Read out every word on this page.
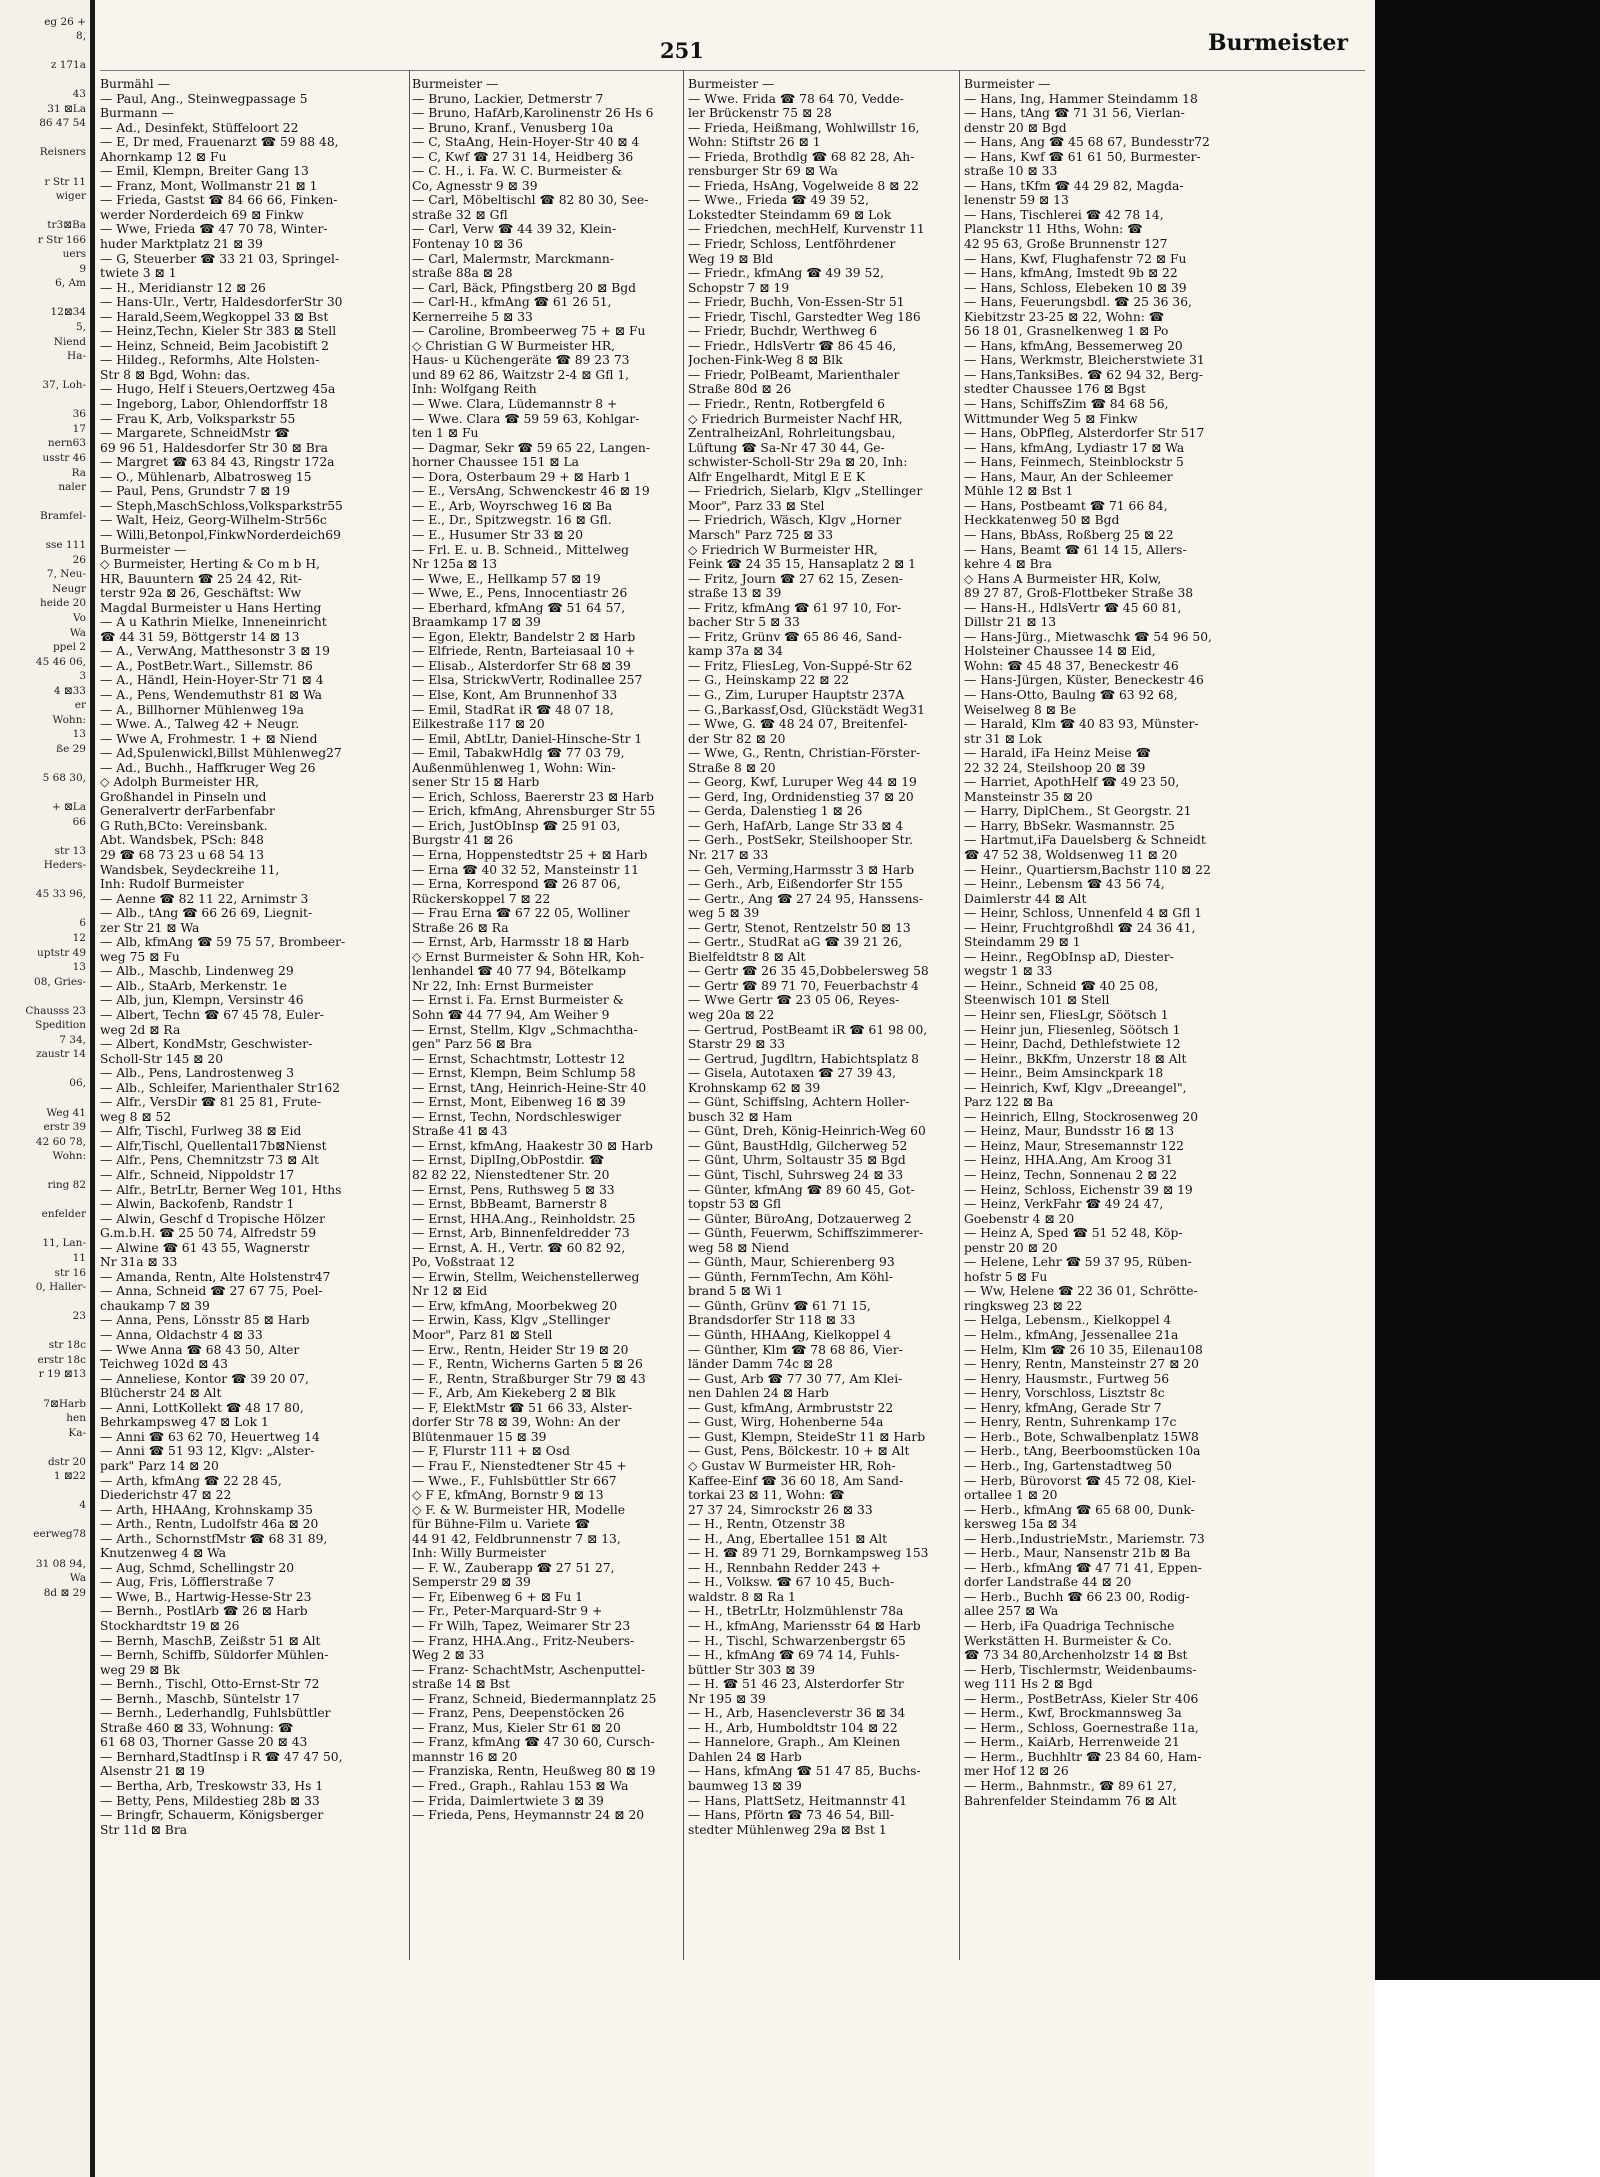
eg 26 +
8,
z 171a
43
31 ⊠La
86 47 54
Reisners
r Str 11
wiger
tr3⊠Ba
r Str 166
uers
9
6, Am
12⊠34
5,
Niend
Ha-
37, Loh-
36
17
nern63
usstr 46
Ra
naler
Bramfel-
sse 111
26
7, Neu-
Neugr
heide 20
Vo
Wa
ppel 2
45 46 06,
3
4 ⊠33
er
Wohn:
13
ße 29
5 68 30,
+ ⊠La
66
str 13
Heders-
45 33 96,
6
12
uptstr 49
13
08, Gries-
Chausss 23
Spedition
7 34,
zaustr 14
06,
Weg 41
erstr 39
42 60 78,
Wohn:
ring 82
enfelder
11, Lan-
11
str 16
0, Haller-
23
str 18c
erstr 18c
r 19 ⊠13
7⊠Harb
hen
Ka-
dstr 20
1 ⊠22
4
eerweg78
31 08 94,
Wa
8d ⊠ 29
251	Burmeister
Burmähl —
— Paul, Ang., Steinwegpassage 5
Burmann —
— Ad., Desinfekt, Stüffeloort 22
— E, Dr med, Frauenarzt ☎ 59 88 48,
Ahornkamp 12 ⊠ Fu
— Emil, Klempn, Breiter Gang 13
— Franz, Mont, Wollmanstr 21 ⊠ 1
— Frieda, Gastst ☎ 84 66 66, Finken-
werder Norderdeich 69 ⊠ Finkw
— Wwe, Frieda ☎ 47 70 78, Winter-
huder Marktplatz 21 ⊠ 39
— G, Steuerber ☎ 33 21 03, Springel-
twiete 3 ⊠ 1
— H., Meridianstr 12 ⊠ 26
— Hans-Ulr., Vertr, HaldesdorferStr 30
— Harald,Seem,Wegkoppel 33 ⊠ Bst
— Heinz,Techn, Kieler Str 383 ⊠ Stell
— Heinz, Schneid, Beim Jacobistift 2
— Hildeg., Reformhs, Alte Holsten-
Str 8 ⊠ Bgd, Wohn: das.
— Hugo, Helf i Steuers,Oertzweg 45a
— Ingeborg, Labor, Ohlendorffstr 18
— Frau K, Arb, Volksparkstr 55
— Margarete, SchneidMstr ☎
69 96 51, Haldesdorfer Str 30 ⊠ Bra
— Margret ☎ 63 84 43, Ringstr 172a
— O., Mühlenarb, Albatrosweg 15
— Paul, Pens, Grundstr 7 ⊠ 19
— Steph,MaschSchloss,Volksparkstr55
— Walt, Heiz, Georg-Wilhelm-Str56c
— Willi,Betonpol,FinkwNorderdeich69
Burmeister —
◇ Burmeister, Herting & Co m b H,
HR, Bauuntern ☎ 25 24 42, Rit-
terstr 92a ⊠ 26, Geschäftst: Ww
Magdal Burmeister u Hans Herting
— A u Kathrin Mielke, Inneneinricht
☎ 44 31 59, Böttgerstr 14 ⊠ 13
— A., VerwAng, Matthesonstr 3 ⊠ 19
— A., PostBetr.Wart., Sillemstr. 86
— A., Händl, Hein-Hoyer-Str 71 ⊠ 4
— A., Pens, Wendemuthstr 81 ⊠ Wa
— A., Billhorner Mühlenweg 19a
— Wwe. A., Talweg 42 + Neugr.
— Wwe A, Frohmestr. 1 + ⊠ Niend
— Ad,Spulenwickl,Billst Mühlenweg27
— Ad., Buchh., Haffkruger Weg 26
◇ Adolph Burmeister HR,
Großhandel in Pinseln und
Generalvertr derFarbenfabr
G Ruth,BCto: Vereinsbank.
Abt. Wandsbek, PSch: 848
29 ☎ 68 73 23 u 68 54 13
Wandsbek, Seydeckreihe 11,
Inh: Rudolf Burmeister
— Aenne ☎ 82 11 22, Arnimstr 3
— Alb., tAng ☎ 66 26 69, Liegnit-
zer Str 21 ⊠ Wa
— Alb, kfmAng ☎ 59 75 57, Brombeer-
weg 75 ⊠ Fu
— Alb., Maschb, Lindenweg 29
— Alb., StaArb, Merkenstr. 1e
— Alb, jun, Klempn, Versinstr 46
— Albert, Techn ☎ 67 45 78, Euler-
weg 2d ⊠ Ra
— Albert, KondMstr, Geschwister-
Scholl-Str 145 ⊠ 20
— Alb., Pens, Landrostenweg 3
— Alb., Schleifer, Marienthaler Str162
— Alfr., VersDir ☎ 81 25 81, Frute-
weg 8 ⊠ 52
— Alfr, Tischl, Furlweg 38 ⊠ Eid
— Alfr,Tischl, Quellental17b⊠Nienst
— Alfr., Pens, Chemnitzstr 73 ⊠ Alt
— Alfr., Schneid, Nippoldstr 17
— Alfr., BetrLtr, Berner Weg 101, Hths
— Alwin, Backofenb, Randstr 1
— Alwin, Geschf d Tropische Hölzer
G.m.b.H. ☎ 25 50 74, Alfredstr 59
— Alwine ☎ 61 43 55, Wagnerstr
Nr 31a ⊠ 33
— Amanda, Rentn, Alte Holstenstr47
— Anna, Schneid ☎ 27 67 75, Poel-
chaukamp 7 ⊠ 39
— Anna, Pens, Lönsstr 85 ⊠ Harb
— Anna, Oldachstr 4 ⊠ 33
— Wwe Anna ☎ 68 43 50, Alter
Teichweg 102d ⊠ 43
— Anneliese, Kontor ☎ 39 20 07,
Blücherstr 24 ⊠ Alt
— Anni, LottKollekt ☎ 48 17 80,
Behrkampsweg 47 ⊠ Lok 1
— Anni ☎ 63 62 70, Heuertweg 14
— Anni ☎ 51 93 12, Klgv: „Alster-
park" Parz 14 ⊠ 20
— Arth, kfmAng ☎ 22 28 45,
Diederichstr 47 ⊠ 22
— Arth, HHAAng, Krohnskamp 35
— Arth., Rentn, Ludolfstr 46a ⊠ 20
— Arth., SchornstfMstr ☎ 68 31 89,
Knutzenweg 4 ⊠ Wa
— Aug, Schmd, Schellingstr 20
— Aug, Fris, Löfflerstraße 7
— Wwe, B., Hartwig-Hesse-Str 23
— Bernh., PostlArb ☎ 26 ⊠ Harb
Stockhardtstr 19 ⊠ 26
— Bernh, MaschB, Zeißstr 51 ⊠ Alt
— Bernh, Schiffb, Süldorfer Mühlen-
weg 29 ⊠ Bk
— Bernh., Tischl, Otto-Ernst-Str 72
— Bernh., Maschb, Süntelstr 17
— Bernh., Lederhandlg, Fuhlsbüttler
Straße 460 ⊠ 33, Wohnung: ☎
61 68 03, Thorner Gasse 20 ⊠ 43
— Bernhard,StadtInsp i R ☎ 47 47 50,
Alsenstr 21 ⊠ 19
— Bertha, Arb, Treskowstr 33, Hs 1
— Betty, Pens, Mildestieg 28b ⊠ 33
— Bringfr, Schauerm, Königsberger
Str 11d ⊠ Bra
Burmeister —
— Bruno, Lackier, Detmerstr 7
— Bruno, HafArb,Karolinenstr 26 Hs 6
— Bruno, Kranf., Venusberg 10a
— C, StaAng, Hein-Hoyer-Str 40 ⊠ 4
— C, Kwf ☎ 27 31 14, Heidberg 36
— C. H., i. Fa. W. C. Burmeister &
Co, Agnesstr 9 ⊠ 39
— Carl, Möbeltischl ☎ 82 80 30, See-
straße 32 ⊠ Gfl
— Carl, Verw ☎ 44 39 32, Klein-
Fontenay 10 ⊠ 36
— Carl, Malermstr, Marckmann-
straße 88a ⊠ 28
— Carl, Bäck, Pfingstberg 20 ⊠ Bgd
— Carl-H., kfmAng ☎ 61 26 51,
Kernerreihe 5 ⊠ 33
— Caroline, Brombeerweg 75 + ⊠ Fu
◇ Christian G W Burmeister HR,
Haus- u Küchengeräte ☎ 89 23 73
und 89 62 86, Waitzstr 2-4 ⊠ Gfl 1,
Inh: Wolfgang Reith
— Wwe. Clara, Lüdemannstr 8 +
— Wwe. Clara ☎ 59 59 63, Kohlgar-
ten 1 ⊠ Fu
— Dagmar, Sekr ☎ 59 65 22, Langen-
horner Chaussee 151 ⊠ La
— Dora, Osterbaum 29 + ⊠ Harb 1
— E., VersAng, Schwenckestr 46 ⊠ 19
— E., Arb, Woyrschweg 16 ⊠ Ba
— E., Dr., Spitzwegstr. 16 ⊠ Gfl.
— E., Husumer Str 33 ⊠ 20
— Frl. E. u. B. Schneid., Mittelweg
Nr 125a ⊠ 13
— Wwe, E., Hellkamp 57 ⊠ 19
— Wwe, E., Pens, Innocentiastr 26
— Eberhard, kfmAng ☎ 51 64 57,
Braamkamp 17 ⊠ 39
— Egon, Elektr, Bandelstr 2 ⊠ Harb
— Elfriede, Rentn, Barteiasaal 10 +
— Elisab., Alsterdorfer Str 68 ⊠ 39
— Elsa, StrickwVertr, Rodinallee 257
— Else, Kont, Am Brunnenhof 33
— Emil, StadRat iR ☎ 48 07 18,
Eilkestraße 117 ⊠ 20
— Emil, AbtLtr, Daniel-Hinsche-Str 1
— Emil, TabakwHdlg ☎ 77 03 79,
Außenmühlenweg 1, Wohn: Win-
sener Str 15 ⊠ Harb
— Erich, Schloss, Baererstr 23 ⊠ Harb
— Erich, kfmAng, Ahrensburger Str 55
— Erich, JustObInsp ☎ 25 91 03,
Burgstr 41 ⊠ 26
— Erna, Hoppenstedtstr 25 + ⊠ Harb
— Erna ☎ 40 32 52, Mansteinstr 11
— Erna, Korrespond ☎ 26 87 06,
Rückerskoppel 7 ⊠ 22
— Frau Erna ☎ 67 22 05, Wolliner
Straße 26 ⊠ Ra
— Ernst, Arb, Harmsstr 18 ⊠ Harb
◇ Ernst Burmeister & Sohn HR, Koh-
lenhandel ☎ 40 77 94, Bötelkamp
Nr 22, Inh: Ernst Burmeister
— Ernst i. Fa. Ernst Burmeister &
Sohn ☎ 44 77 94, Am Weiher 9
— Ernst, Stellm, Klgv „Schmachtha-
gen" Parz 56 ⊠ Bra
— Ernst, Schachtmstr, Lottestr 12
— Ernst, Klempn, Beim Schlump 58
— Ernst, tAng, Heinrich-Heine-Str 40
— Ernst, Mont, Eibenweg 16 ⊠ 39
— Ernst, Techn, Nordschleswiger
Straße 41 ⊠ 43
— Ernst, kfmAng, Haakestr 30 ⊠ Harb
— Ernst, DiplIng,ObPostdir. ☎
82 82 22, Nienstedtener Str. 20
— Ernst, Pens, Ruthsweg 5 ⊠ 33
— Ernst, BbBeamt, Barnerstr 8
— Ernst, HHA.Ang., Reinholdstr. 25
— Ernst, Arb, Binnenfeldredder 73
— Ernst, A. H., Vertr. ☎ 60 82 92,
Po, Voßstraat 12
— Erwin, Stellm, Weichenstellerweg
Nr 12 ⊠ Eid
— Erw, kfmAng, Moorbekweg 20
— Erwin, Kass, Klgv „Stellinger
Moor", Parz 81 ⊠ Stell
— Erw., Rentn, Heider Str 19 ⊠ 20
— F., Rentn, Wicherns Garten 5 ⊠ 26
— F., Rentn, Straßburger Str 79 ⊠ 43
— F., Arb, Am Kiekeberg 2 ⊠ Blk
— F, ElektMstr ☎ 51 66 33, Alster-
dorfer Str 78 ⊠ 39, Wohn: An der
Blütenmauer 15 ⊠ 39
— F, Flurstr 111 + ⊠ Osd
— Frau F., Nienstedtener Str 45 +
— Wwe., F., Fuhlsbüttler Str 667
◇ F E, kfmAng, Bornstr 9 ⊠ 13
◇ F. & W. Burmeister HR, Modelle
für Bühne-Film u. Variete ☎
44 91 42, Feldbrunnenstr 7 ⊠ 13,
Inh: Willy Burmeister
— F. W., Zauberapp ☎ 27 51 27,
Semperstr 29 ⊠ 39
— Fr, Eibenweg 6 + ⊠ Fu 1
— Fr., Peter-Marquard-Str 9 +
— Fr Wilh, Tapez, Weimarer Str 23
— Franz, HHA.Ang., Fritz-Neubers-
Weg 2 ⊠ 33
— Franz- SchachtMstr, Aschenputtel-
straße 14 ⊠ Bst
— Franz, Schneid, Biedermannplatz 25
— Franz, Pens, Deepenstöcken 26
— Franz, Mus, Kieler Str 61 ⊠ 20
— Franz, kfmAng ☎ 47 30 60, Cursch-
mannstr 16 ⊠ 20
— Franziska, Rentn, Heußweg 80 ⊠ 19
— Fred., Graph., Rahlau 153 ⊠ Wa
— Frida, Daimlertwiete 3 ⊠ 39
— Frieda, Pens, Heymannstr 24 ⊠ 20
Burmeister —
— Wwe. Frida ☎ 78 64 70, Vedde-
ler Brückenstr 75 ⊠ 28
— Frieda, Heißmang, Wohlwillstr 16,
Wohn: Stiftstr 26 ⊠ 1
— Frieda, Brothdlg ☎ 68 82 28, Ah-
rensburger Str 69 ⊠ Wa
— Frieda, HsAng, Vogelweide 8 ⊠ 22
— Wwe., Frieda ☎ 49 39 52,
Lokstedter Steindamm 69 ⊠ Lok
— Friedchen, mechHelf, Kurvenstr 11
— Friedr, Schloss, Lentföhrdener
Weg 19 ⊠ Bld
— Friedr., kfmAng ☎ 49 39 52,
Schopstr 7 ⊠ 19
— Friedr, Buchh, Von-Essen-Str 51
— Friedr, Tischl, Garstedter Weg 186
— Friedr, Buchdr, Werthweg 6
— Friedr., HdlsVertr ☎ 86 45 46,
Jochen-Fink-Weg 8 ⊠ Blk
— Friedr, PolBeamt, Marienthaler
Straße 80d ⊠ 26
— Friedr., Rentn, Rotbergfeld 6
◇ Friedrich Burmeister Nachf HR,
ZentralheizAnl, Rohrleitungsbau,
Lüftung ☎ Sa-Nr 47 30 44, Ge-
schwister-Scholl-Str 29a ⊠ 20, Inh:
Alfr Engelhardt, Mitgl E E K
— Friedrich, Sielarb, Klgv „Stellinger
Moor", Parz 33 ⊠ Stel
— Friedrich, Wäsch, Klgv „Horner
Marsch" Parz 725 ⊠ 33
◇ Friedrich W Burmeister HR,
Feink ☎ 24 35 15, Hansaplatz 2 ⊠ 1
— Fritz, Journ ☎ 27 62 15, Zesen-
straße 13 ⊠ 39
— Fritz, kfmAng ☎ 61 97 10, For-
bacher Str 5 ⊠ 33
— Fritz, Grünv ☎ 65 86 46, Sand-
kamp 37a ⊠ 34
— Fritz, FliesLeg, Von-Suppé-Str 62
— G., Heinskamp 22 ⊠ 22
— G., Zim, Luruper Hauptstr 237A
— G.,Barkassf,Osd, Glückstädt Weg31
— Wwe, G. ☎ 48 24 07, Breitenfel-
der Str 82 ⊠ 20
— Wwe, G., Rentn, Christian-Förster-
Straße 8 ⊠ 20
— Georg, Kwf, Luruper Weg 44 ⊠ 19
— Gerd, Ing, Ordnidenstieg 37 ⊠ 20
— Gerda, Dalenstieg 1 ⊠ 26
— Gerh, HafArb, Lange Str 33 ⊠ 4
— Gerh., PostSekr, Steilshooper Str.
Nr. 217 ⊠ 33
— Geh, Verming,Harmsstr 3 ⊠ Harb
— Gerh., Arb, Eißendorfer Str 155
— Gertr., Ang ☎ 27 24 95, Hanssens-
weg 5 ⊠ 39
— Gertr, Stenot, Rentzelstr 50 ⊠ 13
— Gertr., StudRat aG ☎ 39 21 26,
Bielfeldtstr 8 ⊠ Alt
— Gertr ☎ 26 35 45,Dobbelersweg 58
— Gertr ☎ 89 71 70, Feuerbachstr 4
— Wwe Gertr ☎ 23 05 06, Reyes-
weg 20a ⊠ 22
— Gertrud, PostBeamt iR ☎ 61 98 00,
Starstr 29 ⊠ 33
— Gertrud, Jugdltrn, Habichtsplatz 8
— Gisela, Autotaxen ☎ 27 39 43,
Krohnskamp 62 ⊠ 39
— Günt, Schiffslng, Achtern Holler-
busch 32 ⊠ Ham
— Günt, Dreh, König-Heinrich-Weg 60
— Günt, BaustHdlg, Gilcherweg 52
— Günt, Uhrm, Soltaustr 35 ⊠ Bgd
— Günt, Tischl, Suhrsweg 24 ⊠ 33
— Günter, kfmAng ☎ 89 60 45, Got-
topstr 53 ⊠ Gfl
— Günter, BüroAng, Dotzauerweg 2
— Günth, Feuerwm, Schiffszimmerer-
weg 58 ⊠ Niend
— Günth, Maur, Schierenberg 93
— Günth, FernmTechn, Am Köhl-
brand 5 ⊠ Wi 1
— Günth, Grünv ☎ 61 71 15,
Brandsdorfer Str 118 ⊠ 33
— Günth, HHAAng, Kielkoppel 4
— Günther, Klm ☎ 78 68 86, Vier-
länder Damm 74c ⊠ 28
— Gust, Arb ☎ 77 30 77, Am Klei-
nen Dahlen 24 ⊠ Harb
— Gust, kfmAng, Armbruststr 22
— Gust, Wirg, Hohenberne 54a
— Gust, Klempn, SteideStr 11 ⊠ Harb
— Gust, Pens, Bölckestr. 10 + ⊠ Alt
◇ Gustav W Burmeister HR, Roh-
Kaffee-Einf ☎ 36 60 18, Am Sand-
torkai 23 ⊠ 11, Wohn: ☎
27 37 24, Simrockstr 26 ⊠ 33
— H., Rentn, Otzenstr 38
— H., Ang, Ebertallee 151 ⊠ Alt
— H. ☎ 89 71 29, Bornkampsweg 153
— H., Rennbahn Redder 243 +
— H., Volksw. ☎ 67 10 45, Buch-
waldstr. 8 ⊠ Ra 1
— H., tBetrLtr, Holzmühlenstr 78a
— H., kfmAng, Mariensstr 64 ⊠ Harb
— H., Tischl, Schwarzenbergstr 65
— H., kfmAng ☎ 69 74 14, Fuhls-
büttler Str 303 ⊠ 39
— H. ☎ 51 46 23, Alsterdorfer Str
Nr 195 ⊠ 39
— H., Arb, Hasencleverstr 36 ⊠ 34
— H., Arb, Humboldtstr 104 ⊠ 22
— Hannelore, Graph., Am Kleinen
Dahlen 24 ⊠ Harb
— Hans, kfmAng ☎ 51 47 85, Buchs-
baumweg 13 ⊠ 39
— Hans, PlattSetz, Heitmannstr 41
— Hans, Pförtn ☎ 73 46 54, Bill-
stedter Mühlenweg 29a ⊠ Bst 1
Burmeister —
— Hans, Ing, Hammer Steindamm 18
— Hans, tAng ☎ 71 31 56, Vierlan-
denstr 20 ⊠ Bgd
— Hans, Ang ☎ 45 68 67, Bundesstr72
— Hans, Kwf ☎ 61 61 50, Burmester-
straße 10 ⊠ 33
— Hans, tKfm ☎ 44 29 82, Magda-
lenenstr 59 ⊠ 13
— Hans, Tischlerei ☎ 42 78 14,
Planckstr 11 Hths, Wohn: ☎
42 95 63, Große Brunnenstr 127
— Hans, Kwf, Flughafenstr 72 ⊠ Fu
— Hans, kfmAng, Imstedt 9b ⊠ 22
— Hans, Schloss, Elebeken 10 ⊠ 39
— Hans, Feuerungsbdl. ☎ 25 36 36,
Kiebitzstr 23-25 ⊠ 22, Wohn: ☎
56 18 01, Grasnelkenweg 1 ⊠ Po
— Hans, kfmAng, Bessemerweg 20
— Hans, Werkmstr, Bleicherstwiete 31
— Hans,TanksiBes. ☎ 62 94 32, Berg-
stedter Chaussee 176 ⊠ Bgst
— Hans, SchiffsZim ☎ 84 68 56,
Wittmunder Weg 5 ⊠ Finkw
— Hans, ObPfleg, Alsterdorfer Str 517
— Hans, kfmAng, Lydiastr 17 ⊠ Wa
— Hans, Feinmech, Steinblockstr 5
— Hans, Maur, An der Schleemer
Mühle 12 ⊠ Bst 1
— Hans, Postbeamt ☎ 71 66 84,
Heckkatenweg 50 ⊠ Bgd
— Hans, BbAss, Roßberg 25 ⊠ 22
— Hans, Beamt ☎ 61 14 15, Allers-
kehre 4 ⊠ Bra
◇ Hans A Burmeister HR, Kolw,
89 27 87, Groß-Flottbeker Straße 38
— Hans-H., HdlsVertr ☎ 45 60 81,
Dillstr 21 ⊠ 13
— Hans-Jürg., Mietwaschk ☎ 54 96 50,
Holsteiner Chaussee 14 ⊠ Eid,
Wohn: ☎ 45 48 37, Beneckestr 46
— Hans-Jürgen, Küster, Beneckestr 46
— Hans-Otto, Baulng ☎ 63 92 68,
Weiselweg 8 ⊠ Be
— Harald, Klm ☎ 40 83 93, Münster-
str 31 ⊠ Lok
— Harald, iFa Heinz Meise ☎
22 32 24, Steilshoop 20 ⊠ 39
— Harriet, ApothHelf ☎ 49 23 50,
Mansteinstr 35 ⊠ 20
— Harry, DiplChem., St Georgstr. 21
— Harry, BbSekr. Wasmannstr. 25
— Hartmut,iFa Dauelsberg & Schneidt
☎ 47 52 38, Woldsenweg 11 ⊠ 20
— Heinr., Quartiersm,Bachstr 110 ⊠ 22
— Heinr., Lebensm ☎ 43 56 74,
Daimlerstr 44 ⊠ Alt
— Heinr, Schloss, Unnenfeld 4 ⊠ Gfl 1
— Heinr, Fruchtgroßhdl ☎ 24 36 41,
Steindamm 29 ⊠ 1
— Heinr., RegObInsp aD, Diester-
wegstr 1 ⊠ 33
— Heinr., Schneid ☎ 40 25 08,
Steenwisch 101 ⊠ Stell
— Heinr sen, FliesLgr, Söötsch 1
— Heinr jun, Fliesenleg, Söötsch 1
— Heinr, Dachd, Dethlefstwiete 12
— Heinr., BkKfm, Unzerstr 18 ⊠ Alt
— Heinr., Beim Amsinckpark 18
— Heinrich, Kwf, Klgv „Dreeangel",
Parz 122 ⊠ Ba
— Heinrich, Ellng, Stockrosenweg 20
— Heinz, Maur, Bundsstr 16 ⊠ 13
— Heinz, Maur, Stresemannstr 122
— Heinz, HHA.Ang, Am Kroog 31
— Heinz, Techn, Sonnenau 2 ⊠ 22
— Heinz, Schloss, Eichenstr 39 ⊠ 19
— Heinz, VerkFahr ☎ 49 24 47,
Goebenstr 4 ⊠ 20
— Heinz A, Sped ☎ 51 52 48, Köp-
penstr 20 ⊠ 20
— Helene, Lehr ☎ 59 37 95, Rüben-
hofstr 5 ⊠ Fu
— Ww, Helene ☎ 22 36 01, Schrötte-
ringksweg 23 ⊠ 22
— Helga, Lebensm., Kielkoppel 4
— Helm., kfmAng, Jessenallee 21a
— Helm, Klm ☎ 26 10 35, Eilenau108
— Henry, Rentn, Mansteinstr 27 ⊠ 20
— Henry, Hausmstr., Furtweg 56
— Henry, Vorschloss, Lisztstr 8c
— Henry, kfmAng, Gerade Str 7
— Henry, Rentn, Suhrenkamp 17c
— Herb., Bote, Schwalbenplatz 15W8
— Herb., tAng, Beerboomstücken 10a
— Herb., Ing, Gartenstadtweg 50
— Herb, Bürovorst ☎ 45 72 08, Kiel-
ortallee 1 ⊠ 20
— Herb., kfmAng ☎ 65 68 00, Dunk-
kersweg 15a ⊠ 34
— Herb.,IndustrieMstr., Mariemstr. 73
— Herb., Maur, Nansenstr 21b ⊠ Ba
— Herb., kfmAng ☎ 47 71 41, Eppen-
dorfer Landstraße 44 ⊠ 20
— Herb., Buchh ☎ 66 23 00, Rodig-
allee 257 ⊠ Wa
— Herb, iFa Quadriga Technische
Werkstätten H. Burmeister & Co.
☎ 73 34 80,Archenholzstr 14 ⊠ Bst
— Herb, Tischlermstr, Weidenbaums-
weg 111 Hs 2 ⊠ Bgd
— Herm., PostBetrAss, Kieler Str 406
— Herm., Kwf, Brockmannsweg 3a
— Herm., Schloss, Goernestraße 11a,
— Herm., KaiArb, Herrenweide 21
— Herm., Buchhltr ☎ 23 84 60, Ham-
mer Hof 12 ⊠ 26
— Herm., Bahnmstr., ☎ 89 61 27,
Bahrenfelder Steindamm 76 ⊠ Alt
